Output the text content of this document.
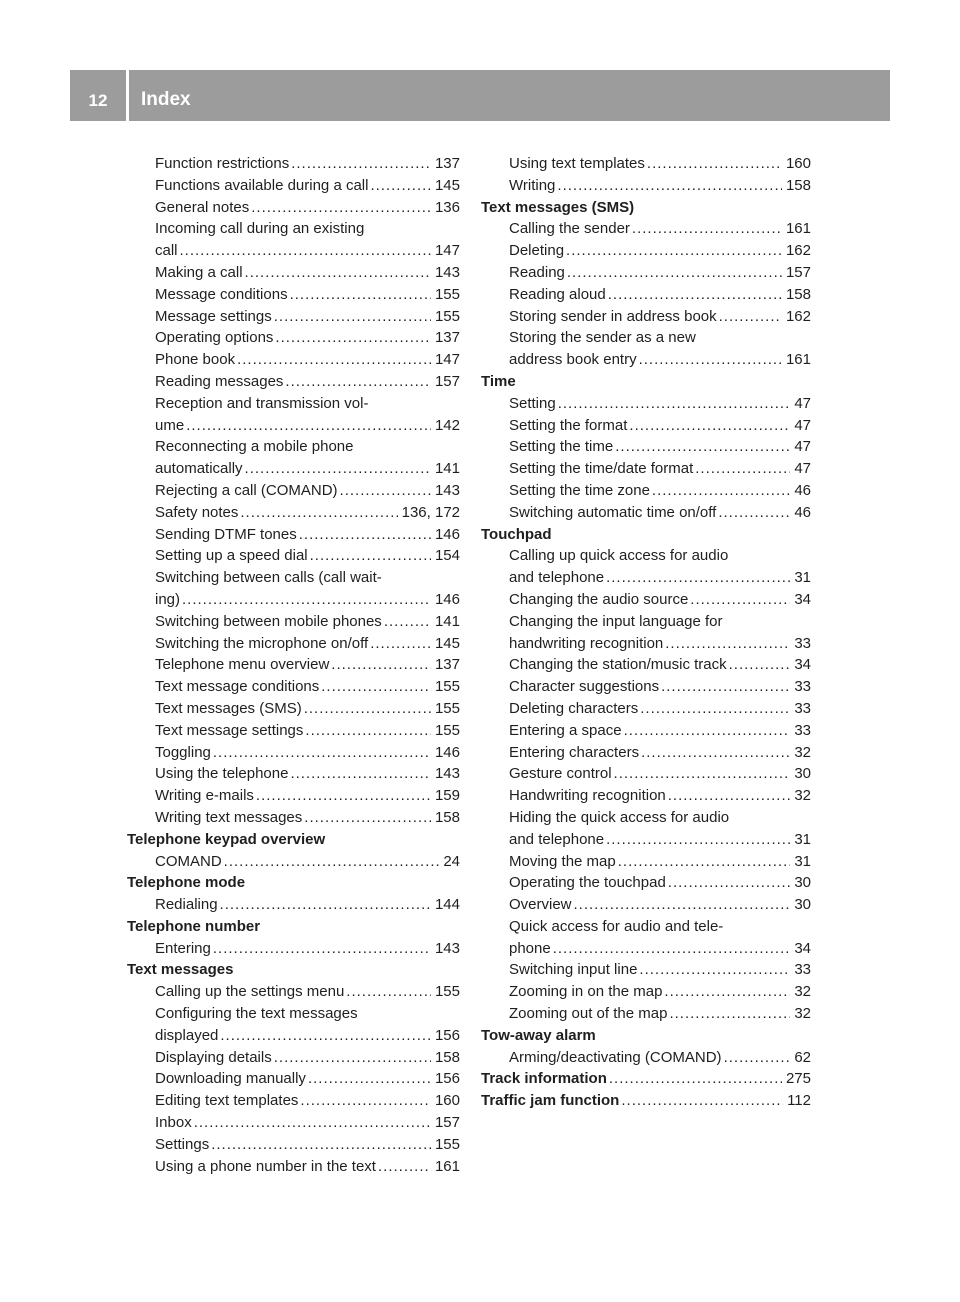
12	Index
Function restrictions .....	137
Functions available during a call .....	145
General notes .....	136
Incoming call during an existing
call .....	147
Making a call .....	143
Message conditions .....	155
Message settings .....	155
Operating options .....	137
Phone book .....	147
Reading messages .....	157
Reception and transmission vol-
ume .....	142
Reconnecting a mobile phone
automatically .....	141
Rejecting a call (COMAND) .....	143
Safety notes .....	136, 172
Sending DTMF tones .....	146
Setting up a speed dial .....	154
Switching between calls (call wait-
ing) .....	146
Switching between mobile phones .....	141
Switching the microphone on/off .....	145
Telephone menu overview .....	137
Text message conditions .....	155
Text messages (SMS) .....	155
Text message settings .....	155
Toggling .....	146
Using the telephone .....	143
Writing e-mails .....	159
Writing text messages .....	158
Telephone keypad overview
COMAND .....	24
Telephone mode
Redialing .....	144
Telephone number
Entering .....	143
Text messages
Calling up the settings menu .....	155
Configuring the text messages
displayed .....	156
Displaying details .....	158
Downloading manually .....	156
Editing text templates .....	160
Inbox .....	157
Settings .....	155
Using a phone number in the text .....	161
Using text templates .....	160
Writing .....	158
Text messages (SMS)
Calling the sender .....	161
Deleting .....	162
Reading .....	157
Reading aloud .....	158
Storing sender in address book .....	162
Storing the sender as a new
address book entry .....	161
Time
Setting .....	47
Setting the format .....	47
Setting the time .....	47
Setting the time/date format .....	47
Setting the time zone .....	46
Switching automatic time on/off .....	46
Touchpad
Calling up quick access for audio
and telephone .....	31
Changing the audio source .....	34
Changing the input language for
handwriting recognition .....	33
Changing the station/music track .....	34
Character suggestions .....	33
Deleting characters .....	33
Entering a space .....	33
Entering characters .....	32
Gesture control .....	30
Handwriting recognition .....	32
Hiding the quick access for audio
and telephone .....	31
Moving the map .....	31
Operating the touchpad .....	30
Overview .....	30
Quick access for audio and tele-
phone .....	34
Switching input line .....	33
Zooming in on the map .....	32
Zooming out of the map .....	32
Tow-away alarm
Arming/deactivating (COMAND) .....	62
Track information .....	275
Traffic jam function .....	112
